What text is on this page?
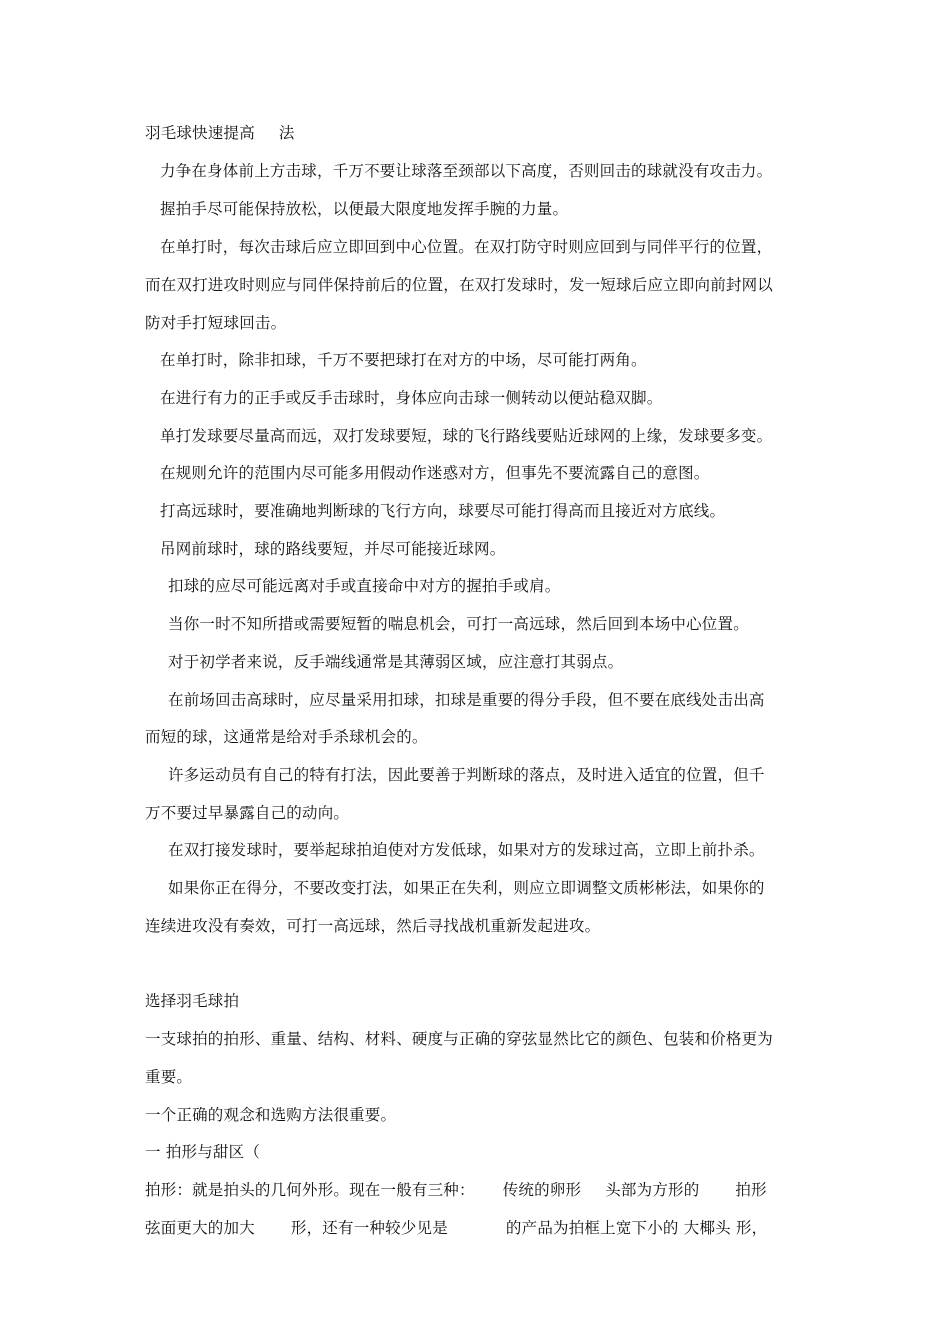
羽毛球快速提高 法
力争在身体前上方击球，千万不要让球落至颈部以下高度，否则回击的球就没有攻击力。
握拍手尽可能保持放松，以便最大限度地发挥手腕的力量。
在单打时，每次击球后应立即回到中心位置。在双打防守时则应回到与同伴平行的位置，
而在双打进攻时则应与同伴保持前后的位置，在双打发球时，发一短球后应立即向前封网以
防对手打短球回击。
在单打时，除非扣球，千万不要把球打在对方的中场，尽可能打两角。
在进行有力的正手或反手击球时，身体应向击球一侧转动以便站稳双脚。
单打发球要尽量高而远，双打发球要短，球的飞行路线要贴近球网的上缘，发球要多变。
在规则允许的范围内尽可能多用假动作迷惑对方，但事先不要流露自己的意图。
打高远球时，要准确地判断球的飞行方向，球要尽可能打得高而且接近对方底线。
吊网前球时，球的路线要短，并尽可能接近球网。
扣球的应尽可能远离对手或直接命中对方的握拍手或肩。
当你一时不知所措或需要短暂的喘息机会，可打一高远球，然后回到本场中心位置。
对于初学者来说，反手端线通常是其薄弱区域，应注意打其弱点。
在前场回击高球时，应尽量采用扣球，扣球是重要的得分手段，但不要在底线处击出高
而短的球，这通常是给对手杀球机会的。
许多运动员有自己的特有打法，因此要善于判断球的落点，及时进入适宜的位置，但千
万不要过早暴露自己的动向。
在双打接发球时，要举起球拍迫使对方发低球，如果对方的发球过高，立即上前扑杀。
如果你正在得分，不要改变打法，如果正在失利，则应立即调整文质彬彬法，如果你的
连续进攻没有奏效，可打一高远球，然后寻找战机重新发起进攻。
选择羽毛球拍
一支球拍的拍形、重量、结构、材料、硬度与正确的穿弦显然比它的颜色、包装和价格更为
重要。
一个正确的观念和选购方法很重要。
一 拍形与甜区（
拍形：就是拍头的几何外形。现在一般有三种： 传统的卵形 头部为方形的 拍形
弦面更大的加大 形，还有一种较少见是	的产品为拍框上宽下小的 大椰头 形，
